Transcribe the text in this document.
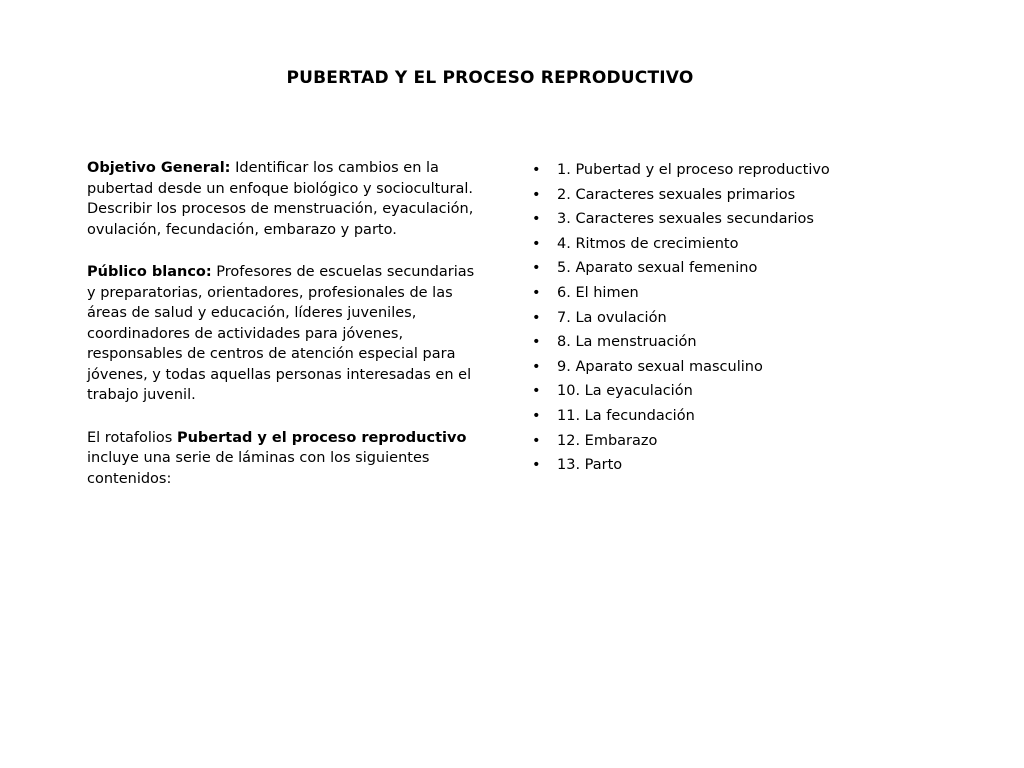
PUBERTAD Y EL PROCESO REPRODUCTIVO

Objetivo General: Identificar los cambios en la pubertad desde un enfoque biológico y sociocultural. Describir los procesos de menstruación, eyaculación, ovulación, fecundación, embarazo y parto.

Público blanco: Profesores de escuelas secundarias y preparatorias, orientadores, profesionales de las áreas de salud y educación, líderes juveniles, coordinadores de actividades para jóvenes, responsables de centros de atención especial para jóvenes, y todas aquellas personas interesadas en el trabajo juvenil.

El rotafolios Pubertad y el proceso reproductivo incluye una serie de láminas con los siguientes contenidos:

• 1. Pubertad y el proceso reproductivo
• 2. Caracteres sexuales primarios
• 3. Caracteres sexuales secundarios
• 4. Ritmos de crecimiento
• 5. Aparato sexual femenino
• 6. El himen
• 7. La ovulación
• 8. La menstruación
• 9. Aparato sexual masculino
• 10. La eyaculación
• 11. La fecundación
• 12. Embarazo
• 13. Parto
